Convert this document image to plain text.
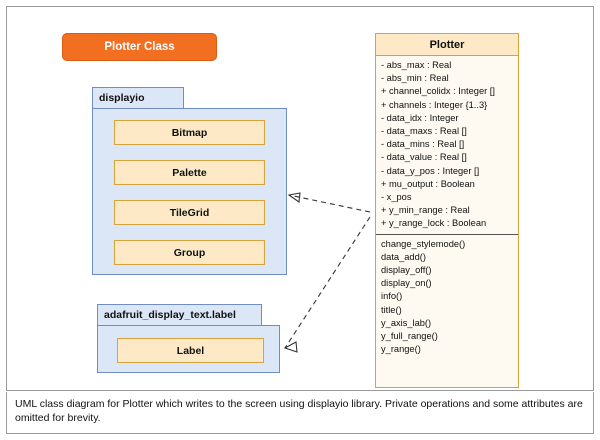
Plotter Class
displayio
Bitmap
Palette
TileGrid
Group
adafruit_display_text.label
Label
Plotter
- abs_max : Real
- abs_min : Real
+ channel_colidx : Integer []
+ channels : Integer {1..3}
- data_idx : Integer
- data_maxs : Real []
- data_mins : Real []
- data_value : Real []
- data_y_pos : Integer []
+ mu_output : Boolean
- x_pos
+ y_min_range : Real
+ y_range_lock : Boolean
change_stylemode()
data_add()
display_off()
display_on()
info()
title()
y_axis_lab()
y_full_range()
y_range()
UML class diagram for Plotter which writes to the screen using displayio library. Private operations and some attributes are omitted for brevity.
